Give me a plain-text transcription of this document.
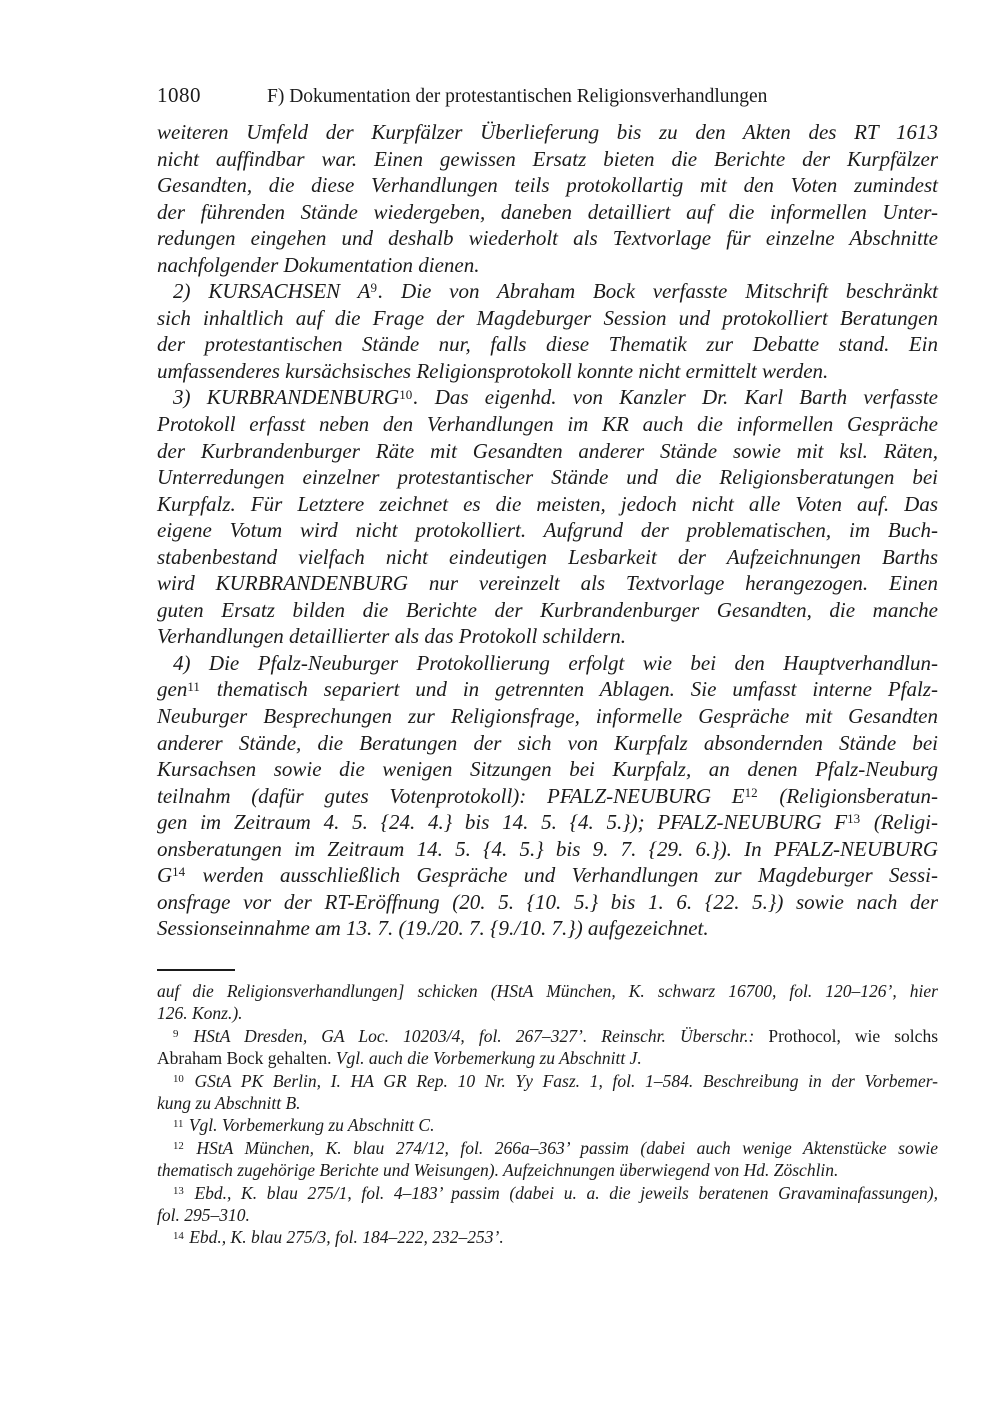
1080	F) Dokumentation der protestantischen Religionsverhandlungen
weiteren Umfeld der Kurpfälzer Überlieferung bis zu den Akten des RT 1613
nicht auffindbar war. Einen gewissen Ersatz bieten die Berichte der Kurpfälzer
Gesandten, die diese Verhandlungen teils protokollartig mit den Voten zumindest
der führenden Stände wiedergeben, daneben detailliert auf die informellen Unter-
redungen eingehen und deshalb wiederholt als Textvorlage für einzelne Abschnitte
nachfolgender Dokumentation dienen.
2) KURSACHSEN A$^9$. Die von Abraham Bock verfasste Mitschrift beschränkt
sich inhaltlich auf die Frage der Magdeburger Session und protokolliert Beratungen
der protestantischen Stände nur, falls diese Thematik zur Debatte stand. Ein
umfassenderes kursächsisches Religionsprotokoll konnte nicht ermittelt werden.
3) KURBRANDENBURG$^{10}$. Das eigenhd. von Kanzler Dr. Karl Barth verfasste
Protokoll erfasst neben den Verhandlungen im KR auch die informellen Gespräche
der Kurbrandenburger Räte mit Gesandten anderer Stände sowie mit ksl. Räten,
Unterredungen einzelner protestantischer Stände und die Religionsberatungen bei
Kurpfalz. Für Letztere zeichnet es die meisten, jedoch nicht alle Voten auf. Das
eigene Votum wird nicht protokolliert. Aufgrund der problematischen, im Buch-
stabenbestand vielfach nicht eindeutigen Lesbarkeit der Aufzeichnungen Barths
wird KURBRANDENBURG nur vereinzelt als Textvorlage herangezogen. Einen
guten Ersatz bilden die Berichte der Kurbrandenburger Gesandten, die manche
Verhandlungen detaillierter als das Protokoll schildern.
4) Die Pfalz-Neuburger Protokollierung erfolgt wie bei den Hauptverhandlun-
gen$^{11}$ thematisch separiert und in getrennten Ablagen. Sie umfasst interne Pfalz-
Neuburger Besprechungen zur Religionsfrage, informelle Gespräche mit Gesandten
anderer Stände, die Beratungen der sich von Kurpfalz absondernden Stände bei
Kursachsen sowie die wenigen Sitzungen bei Kurpfalz, an denen Pfalz-Neuburg
teilnahm (dafür gutes Votenprotokoll): PFALZ-NEUBURG E$^{12}$ (Religionsberatun-
gen im Zeitraum 4. 5. {24. 4.} bis 14. 5. {4. 5.}); PFALZ-NEUBURG F$^{13}$ (Religi-
onsberatungen im Zeitraum 14. 5. {4. 5.} bis 9. 7. {29. 6.}). In PFALZ-NEUBURG
G$^{14}$ werden ausschließlich Gespräche und Verhandlungen zur Magdeburger Sessi-
onsfrage vor der RT-Eröffnung (20. 5. {10. 5.} bis 1. 6. {22. 5.}) sowie nach der
Sessionseinnahme am 13. 7. (19./20. 7. {9./10. 7.}) aufgezeichnet.
auf die Religionsverhandlungen] schicken (HStA München, K. schwarz 16700, fol. 120–126’, hier
126. Konz.).
$^9$ HStA Dresden, GA Loc. 10203/4, fol. 267–327’. Reinschr. Überschr.: Prothocol, wie solchs
Abraham Bock gehalten. Vgl. auch die Vorbemerkung zu Abschnitt J.
$^{10}$ GStA PK Berlin, I. HA GR Rep. 10 Nr. Yy Fasz. 1, fol. 1–584. Beschreibung in der Vorbemer-
kung zu Abschnitt B.
$^{11}$ Vgl. Vorbemerkung zu Abschnitt C.
$^{12}$ HStA München, K. blau 274/12, fol. 266a–363’ passim (dabei auch wenige Aktenstücke sowie
thematisch zugehörige Berichte und Weisungen). Aufzeichnungen überwiegend von Hd. Zöschlin.
$^{13}$ Ebd., K. blau 275/1, fol. 4–183’ passim (dabei u. a. die jeweils beratenen Gravaminafassungen),
fol. 295–310.
$^{14}$ Ebd., K. blau 275/3, fol. 184–222, 232–253’.
